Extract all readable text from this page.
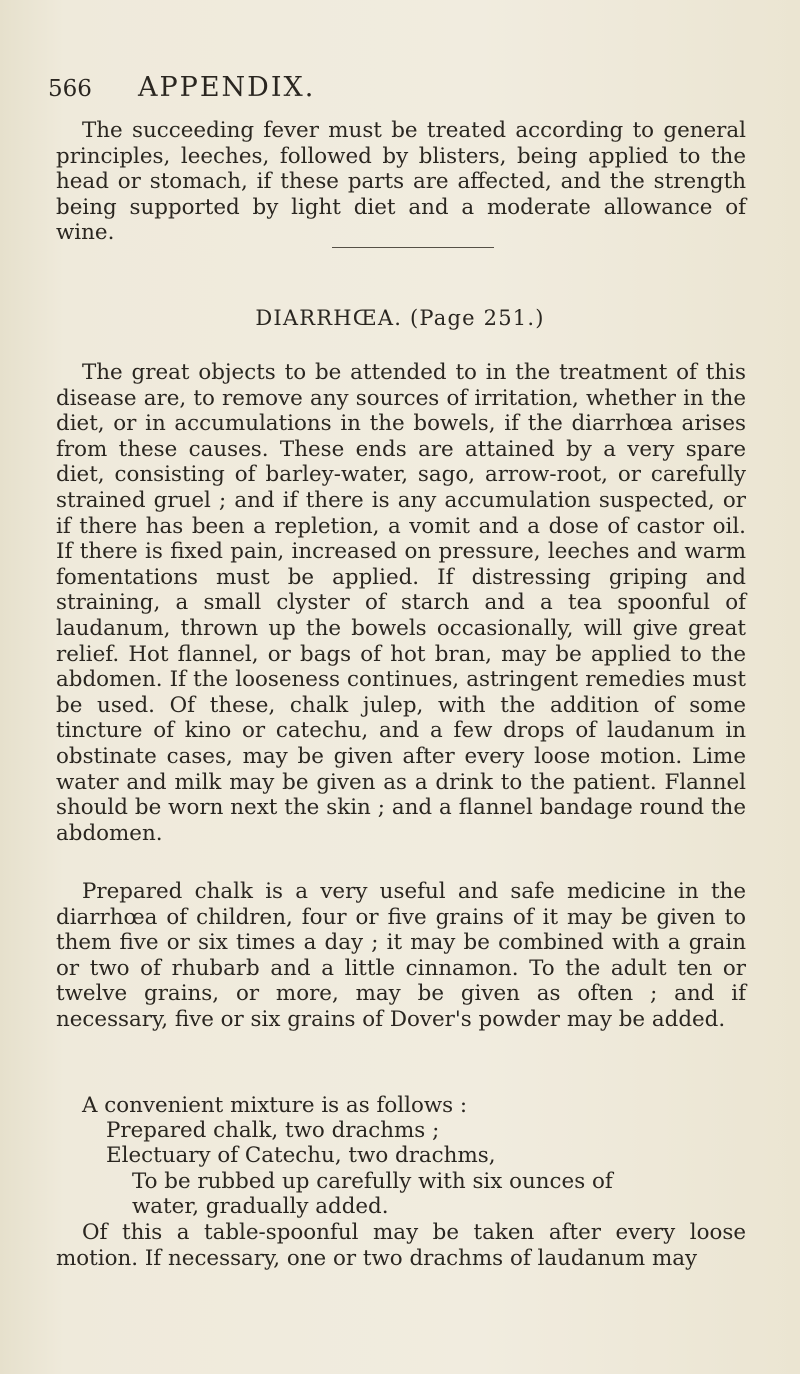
566 APPENDIX.

The succeeding fever must be treated according to general principles, leeches, followed by blisters, being applied to the head or stomach, if these parts are affected, and the strength being supported by light diet and a moderate allowance of wine.

DIARRHŒA. (Page 251.)

The great objects to be attended to in the treatment of this disease are, to remove any sources of irritation, whether in the diet, or in accumulations in the bowels, if the diarrhœa arises from these causes. These ends are attained by a very spare diet, consisting of barley-water, sago, arrow-root, or carefully strained gruel ; and if there is any accumulation suspected, or if there has been a repletion, a vomit and a dose of castor oil. If there is fixed pain, increased on pressure, leeches and warm fomentations must be applied. If distressing griping and straining, a small clyster of starch and a tea spoonful of laudanum, thrown up the bowels occasionally, will give great relief. Hot flannel, or bags of hot bran, may be applied to the abdomen. If the looseness continues, astringent remedies must be used. Of these, chalk julep, with the addition of some tincture of kino or catechu, and a few drops of laudanum in obstinate cases, may be given after every loose motion. Lime water and milk may be given as a drink to the patient. Flannel should be worn next the skin ; and a flannel bandage round the abdomen.

Prepared chalk is a very useful and safe medicine in the diarrhœa of children, four or five grains of it may be given to them five or six times a day ; it may be combined with a grain or two of rhubarb and a little cinnamon. To the adult ten or twelve grains, or more, may be given as often ; and if necessary, five or six grains of Dover's powder may be added.

A convenient mixture is as follows :

Prepared chalk, two drachms ;

Electuary of Catechu, two drachms,

To be rubbed up carefully with six ounces of

water, gradually added.

Of this a table-spoonful may be taken after every loose motion. If necessary, one or two drachms of laudanum may
